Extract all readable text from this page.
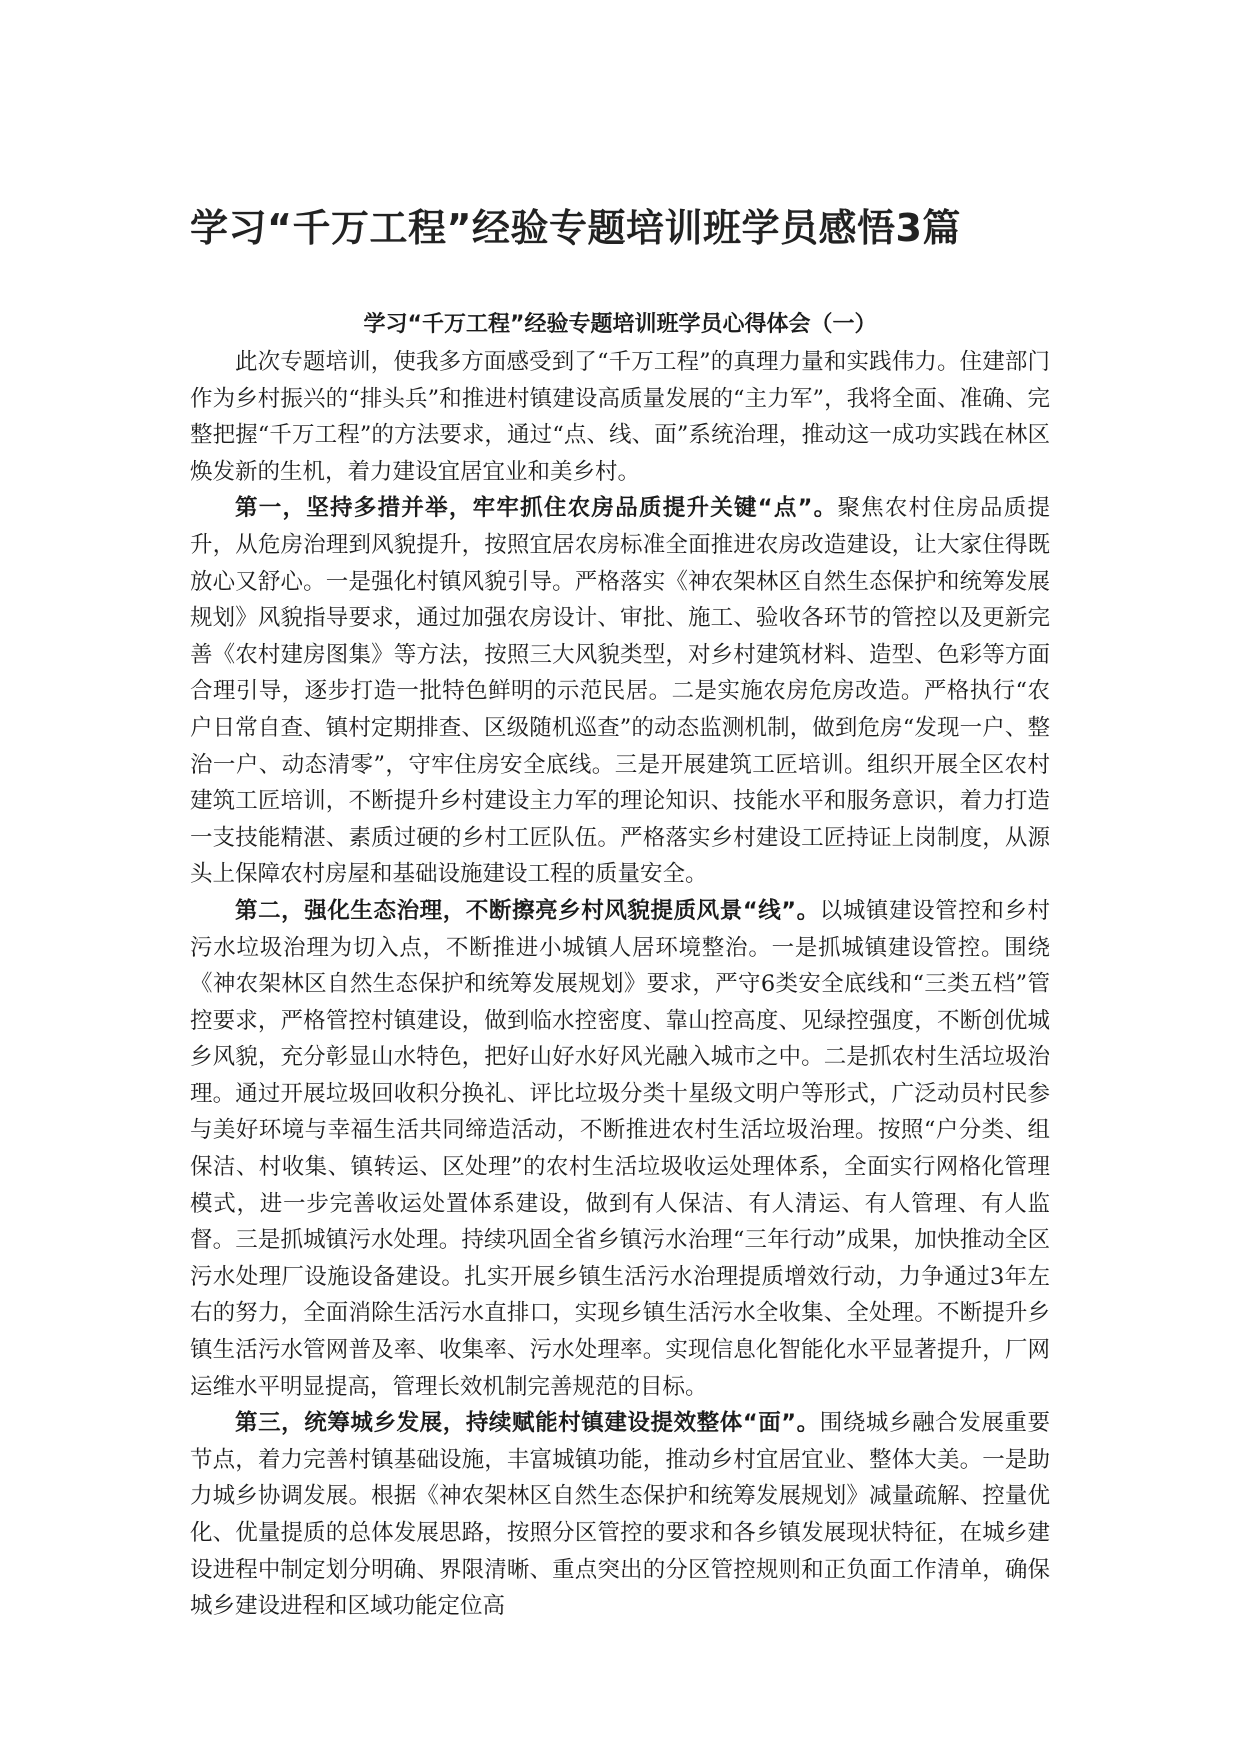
学习“千万工程”经验专题培训班学员感悟3篇
学习“千万工程”经验专题培训班学员心得体会（一）

此次专题培训，使我多方面感受到了“千万工程”的真理力量和实践伟力。住建部门作为乡村振兴的“排头兵”和推进村镇建设高质量发展的“主力军”，我将全面、准确、完整把握“千万工程”的方法要求，通过“点、线、面”系统治理，推动这一成功实践在林区焕发新的生机，着力建设宜居宜业和美乡村。

第一，坚持多措并举，牢牢抓住农房品质提升关键“点”。聚焦农村住房品质提升，从危房治理到风貌提升，按照宜居农房标准全面推进农房改造建设，让大家住得既放心又舒心。一是强化村镇风貌引导。严格落实《神农架林区自然生态保护和统筹发展规划》风貌指导要求，通过加强农房设计、审批、施工、验收各环节的管控以及更新完善《农村建房图集》等方法，按照三大风貌类型，对乡村建筑材料、造型、色彩等方面合理引导，逐步打造一批特色鲜明的示范民居。二是实施农房危房改造。严格执行“农户日常自查、镇村定期排查、区级随机巡查”的动态监测机制，做到危房“发现一户、整治一户、动态清零”，守牢住房安全底线。三是开展建筑工匠培训。组织开展全区农村建筑工匠培训，不断提升乡村建设主力军的理论知识、技能水平和服务意识，着力打造一支技能精湛、素质过硬的乡村工匠队伍。严格落实乡村建设工匠持证上岗制度，从源头上保障农村房屋和基础设施建设工程的质量安全。

第二，强化生态治理，不断擦亮乡村风貌提质风景“线”。以城镇建设管控和乡村污水垃圾治理为切入点，不断推进小城镇人居环境整治。一是抓城镇建设管控。围绕《神农架林区自然生态保护和统筹发展规划》要求，严守6类安全底线和“三类五档”管控要求，严格管控村镇建设，做到临水控密度、靠山控高度、见绿控强度，不断创优城乡风貌，充分彰显山水特色，把好山好水好风光融入城市之中。二是抓农村生活垃圾治理。通过开展垃圾回收积分换礼、评比垃圾分类十星级文明户等形式，广泛动员村民参与美好环境与幸福生活共同缔造活动，不断推进农村生活垃圾治理。按照“户分类、组保洁、村收集、镇转运、区处理”的农村生活垃圾收运处理体系，全面实行网格化管理模式，进一步完善收运处置体系建设，做到有人保洁、有人清运、有人管理、有人监督。三是抓城镇污水处理。持续巩固全省乡镇污水治理“三年行动”成果，加快推动全区污水处理厂设施设备建设。扎实开展乡镇生活污水治理提质增效行动，力争通过3年左右的努力，全面消除生活污水直排口，实现乡镇生活污水全收集、全处理。不断提升乡镇生活污水管网普及率、收集率、污水处理率。实现信息化智能化水平显著提升，厂网运维水平明显提高，管理长效机制完善规范的目标。

第三，统筹城乡发展，持续赋能村镇建设提效整体“面”。围绕城乡融合发展重要节点，着力完善村镇基础设施，丰富城镇功能，推动乡村宜居宜业、整体大美。一是助力城乡协调发展。根据《神农架林区自然生态保护和统筹发展规划》减量疏解、控量优化、优量提质的总体发展思路，按照分区管控的要求和各乡镇发展现状特征，在城乡建设进程中制定划分明确、界限清晰、重点突出的分区管控规则和正负面工作清单，确保城乡建设进程和区域功能定位高
